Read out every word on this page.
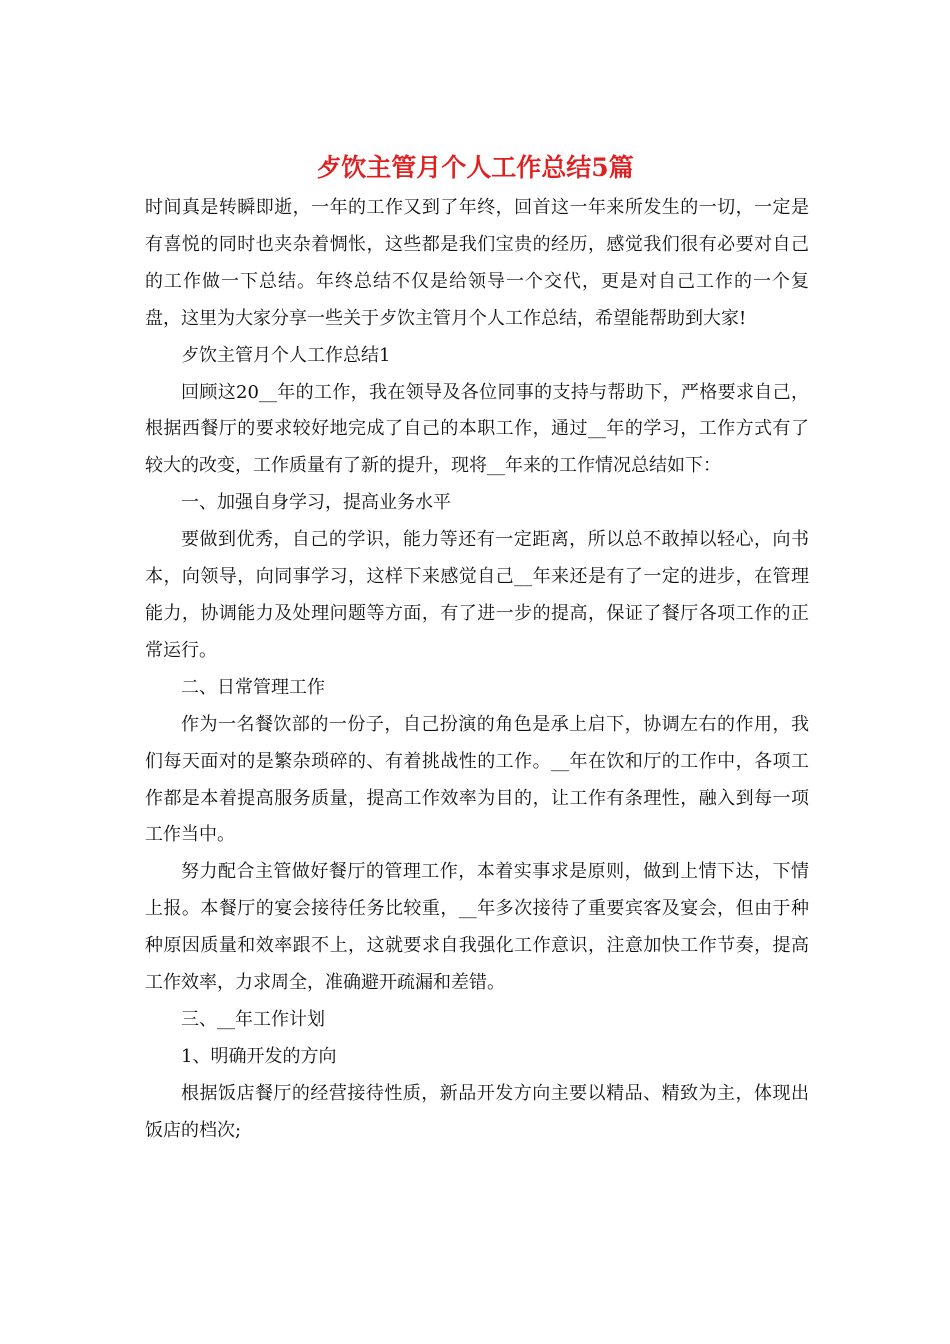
歺饮主管月个人工作总结5篇

时间真是转瞬即逝，一年的工作又到了年终，回首这一年来所发生的一切，一定是有喜悦的同时也夹杂着惆怅，这些都是我们宝贵的经历，感觉我们很有必要对自己的工作做一下总结。年终总结不仅是给领导一个交代，更是对自己工作的一个复盘，这里为大家分享一些关于歺饮主管月个人工作总结，希望能帮助到大家!

歺饮主管月个人工作总结1

回顾这20__年的工作，我在领导及各位同事的支持与帮助下，严格要求自己，根据西餐厅的要求较好地完成了自己的本职工作，通过__年的学习，工作方式有了较大的改变，工作质量有了新的提升，现将__年来的工作情况总结如下：

一、加强自身学习，提高业务水平

要做到优秀，自己的学识，能力等还有一定距离，所以总不敢掉以轻心，向书本，向领导，向同事学习，这样下来感觉自己__年来还是有了一定的进步，在管理能力，协调能力及处理问题等方面，有了进一步的提高，保证了餐厅各项工作的正常运行。

二、日常管理工作

作为一名餐饮部的一份子，自己扮演的角色是承上启下，协调左右的作用，我们每天面对的是繁杂琐碎的、有着挑战性的工作。__年在饮和厅的工作中，各项工作都是本着提高服务质量，提高工作效率为目的，让工作有条理性，融入到每一项工作当中。

努力配合主管做好餐厅的管理工作，本着实事求是原则，做到上情下达，下情上报。本餐厅的宴会接待任务比较重，__年多次接待了重要宾客及宴会，但由于种种原因质量和效率跟不上，这就要求自我强化工作意识，注意加快工作节奏，提高工作效率，力求周全，准确避开疏漏和差错。

三、__年工作计划

1、明确开发的方向

根据饭店餐厅的经营接待性质，新品开发方向主要以精品、精致为主，体现出饭店的档次;
